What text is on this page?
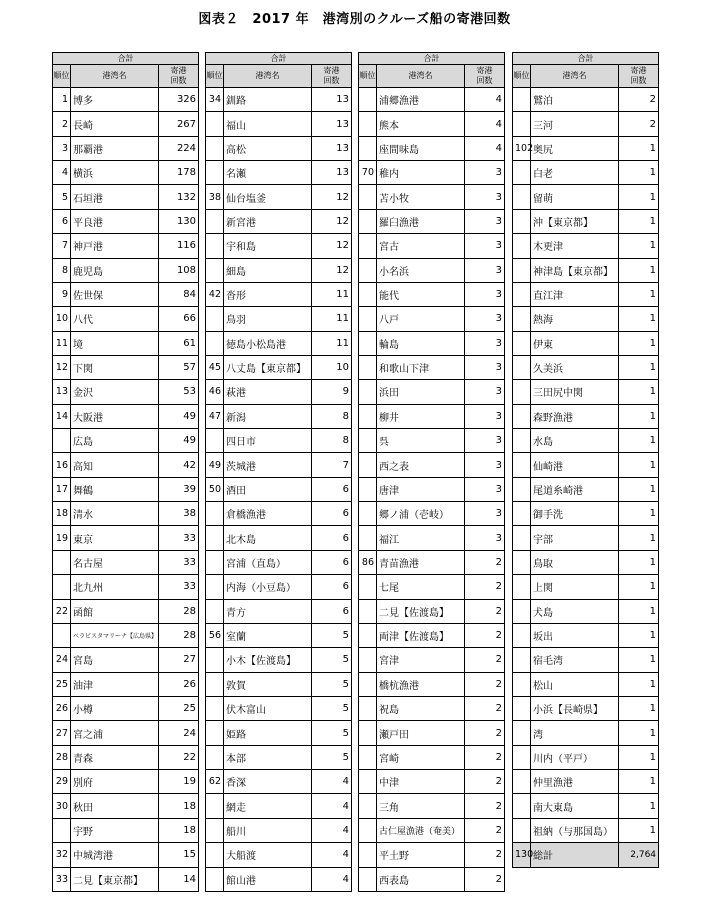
図表２　2017 年　港湾別のクルーズ船の寄港回数
合計		
順位	港湾名	寄港
回数
1	博多	326
2	長崎	267
3	那覇港	224
4	横浜	178
5	石垣港	132
6	平良港	130
7	神戸港	116
8	鹿児島	108
9	佐世保	84
10	八代	66
11	境	61
12	下関	57
13	金沢	53
14	大阪港	49
	広島	49
16	高知	42
17	舞鶴	39
18	清水	38
19	東京	33
	名古屋	33
	北九州	33
22	函館	28
	ベラビスタマリーナ【広島県】	28
24	宮島	27
25	油津	26
26	小樽	25
27	宮之浦	24
28	青森	22
29	別府	19
30	秋田	18
	宇野	18
32	中城湾港	15
33	二見【東京都】	14
合計		
順位	港湾名	寄港
回数
34	釧路	13
	福山	13
	高松	13
	名瀬	13
38	仙台塩釜	12
	新宮港	12
	宇和島	12
	細島	12
42	沓形	11
	鳥羽	11
	徳島小松島港	11
45	八丈島【東京都】	10
46	萩港	9
47	新潟	8
	四日市	8
49	茨城港	7
50	酒田	6
	倉橋漁港	6
	北木島	6
	宮浦（直島）	6
	内海（小豆島）	6
	青方	6
56	室蘭	5
	小木【佐渡島】	5
	敦賀	5
	伏木富山	5
	姫路	5
	本部	5
62	香深	4
	網走	4
	船川	4
	大船渡	4
	館山港	4
合計		
順位	港湾名	寄港
回数
	浦郷漁港	4
	熊本	4
	座間味島	4
70	稚内	3
	苫小牧	3
	羅臼漁港	3
	宮古	3
	小名浜	3
	能代	3
	八戸	3
	輪島	3
	和歌山下津	3
	浜田	3
	柳井	3
	呉	3
	西之表	3
	唐津	3
	郷ノ浦（壱岐）	3
	福江	3
86	青苗漁港	2
	七尾	2
	二見【佐渡島】	2
	両津【佐渡島】	2
	宮津	2
	橋杭漁港	2
	祝島	2
	瀬戸田	2
	宮崎	2
	中津	2
	三角	2
	古仁屋漁港（奄美）	2
	平土野	2
	西表島	2
合計		
順位	港湾名	寄港
回数
	鷲泊	2
	三河	2
102	奥尻	1
	白老	1
	留萌	1
	沖【東京都】	1
	木更津	1
	神津島【東京都】	1
	直江津	1
	熱海	1
	伊東	1
	久美浜	1
	三田尻中関	1
	森野漁港	1
	水島	1
	仙崎港	1
	尾道糸崎港	1
	御手洗	1
	宇部	1
	鳥取	1
	上関	1
	犬島	1
	坂出	1
	宿毛湾	1
	松山	1
	小浜【長崎県】	1
	湾	1
	川内（平戸）	1
	仲里漁港	1
	南大東島	1
	祖納（与那国島）	1
130	総計	2,764
